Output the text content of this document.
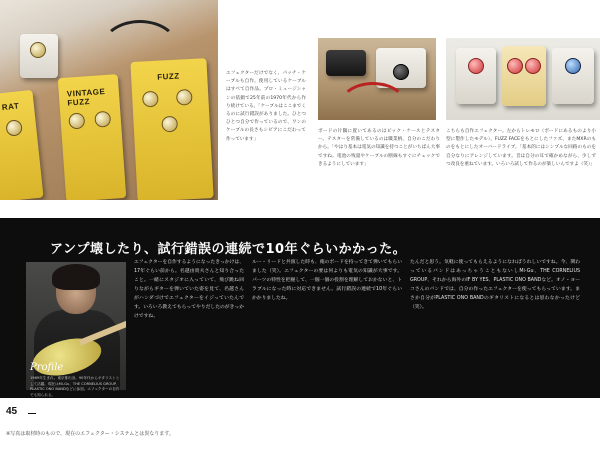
RAT
VINTAGE FUZZ
FUZZ	エフェクターだけでなく、パッチ・ケーブルも自作。使用しているケーブルはすべて自作品。プロ・ミュージシャンの依頼で25年前の1970年代から作り続けている。「ケーブルはここまでくるのに試行錯誤がありました。ひとつひとつ自分で作っているので、ワンのケーブルの長さもシビアにこだわって作っています」
ボードの片隅に置いてあるのはピック・ケースとテスター。テスターを常備しているのは職業柄、自分のこだわりから。「やはり基本は電気の知識を持つことがいちばん大事ですね。電池の残量やケーブルの断線もすぐにチェックできるようにしています」
こちらも自作エフェクター。左からトレモロ（ボードにあるものより小型に製作したモデル）、FUZZ FACEをもとにしたファズ、またMXRのものをもとにしたオーバードライブ。「基本的にはシンプルな回路のものを自分なりにアレンジしています。音は自分の耳で確かめながら、少しずつ改良を重ねています。いろいろ試して作るのが楽しいんですよ（笑）」
アンプ壊したり、試行錯誤の連続で10年ぐらいかかった。
エフェクターを自作するようになったきっかけは、17年ぐらい前から。名越由貴夫さんと知り合ったこと。一緒にスタジオに入っていて、飛び跳ね回りながらギターを弾いていた姿を見て、名越さんがハンダづけでエフェクターをイジっていたんです。いろいろ教えてもらってやりだしたのがきっかけですね。
ルー・リードと共演した時も、俺のボードを持ってきて弾いてもらいました（笑）。エフェクターの要は何よりも電気の知識が大事です。パーツの特性を把握して、一個一個の役割を理解しておかないと、トラブルになった時に対応できません。試行錯誤の連続で10年ぐらいかかりましたね。
たんだと思う。気軽に使ってもらえるようになればうれしいですね。今、関わっているバンドはあっちゃうこともないしMi-Gu、THE CORNELIUS GROUP、それから海外のIF BY YES、PLASTIC ONO BANDなど。オノ・ヨーコさんのバンドでは、自分の作ったエフェクターを使ってもらっています。まさか自分がPLASTIC ONO BANDのギタリストになるとは思わなかったけど（笑）。
45
※写真は取材時のもので、現在のエフェクター・システムとは異なります。
Profile
1969年生まれ。東京都出身。90年代からギタリストとして活躍。現在はMi-Gu、THE CORNELIUS GROUP、PLASTIC ONO BANDなどに参加。エフェクターの自作でも知られる。
